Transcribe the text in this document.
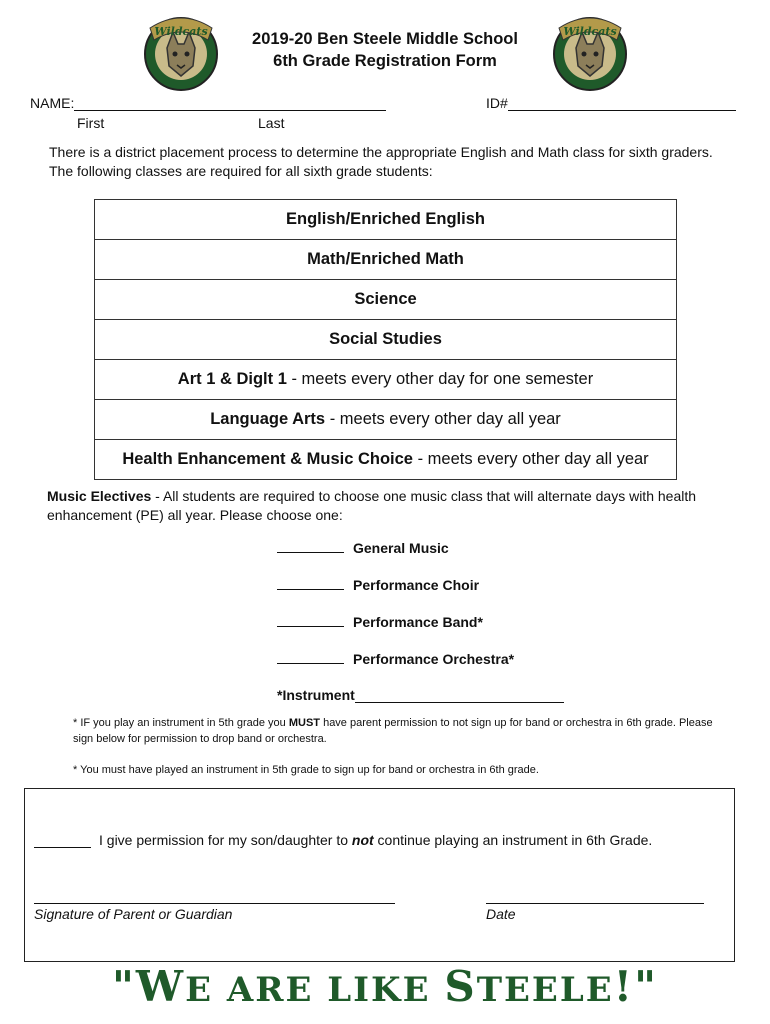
Wildcats	Wildcats
2019-20 Ben Steele Middle School
6th Grade Registration Form
NAME:
First	Last
ID#
There is a district placement process to determine the appropriate English and Math class for sixth graders. The following classes are required for all sixth grade students:
English/Enriched English
Math/Enriched Math
Science
Social Studies
Art 1 & Diglt 1 - meets every other day for one semester
Language Arts - meets every other day all year
Health Enhancement & Music Choice - meets every other day all year
Music Electives - All students are required to choose one music class that will alternate days with health enhancement (PE) all year. Please choose one:
General Music
Performance Choir
Performance Band*
Performance Orchestra*
*Instrument
* IF you play an instrument in 5th grade you MUST have parent permission to not sign up for band or orchestra in 6th grade. Please sign below for permission to drop band or orchestra.
* You must have played an instrument in 5th grade to sign up for band or orchestra in 6th grade.
I give permission for my son/daughter to not continue playing an instrument in 6th Grade.
Signature of Parent or Guardian	Date
"WE ARE LIKE STEELE!"
